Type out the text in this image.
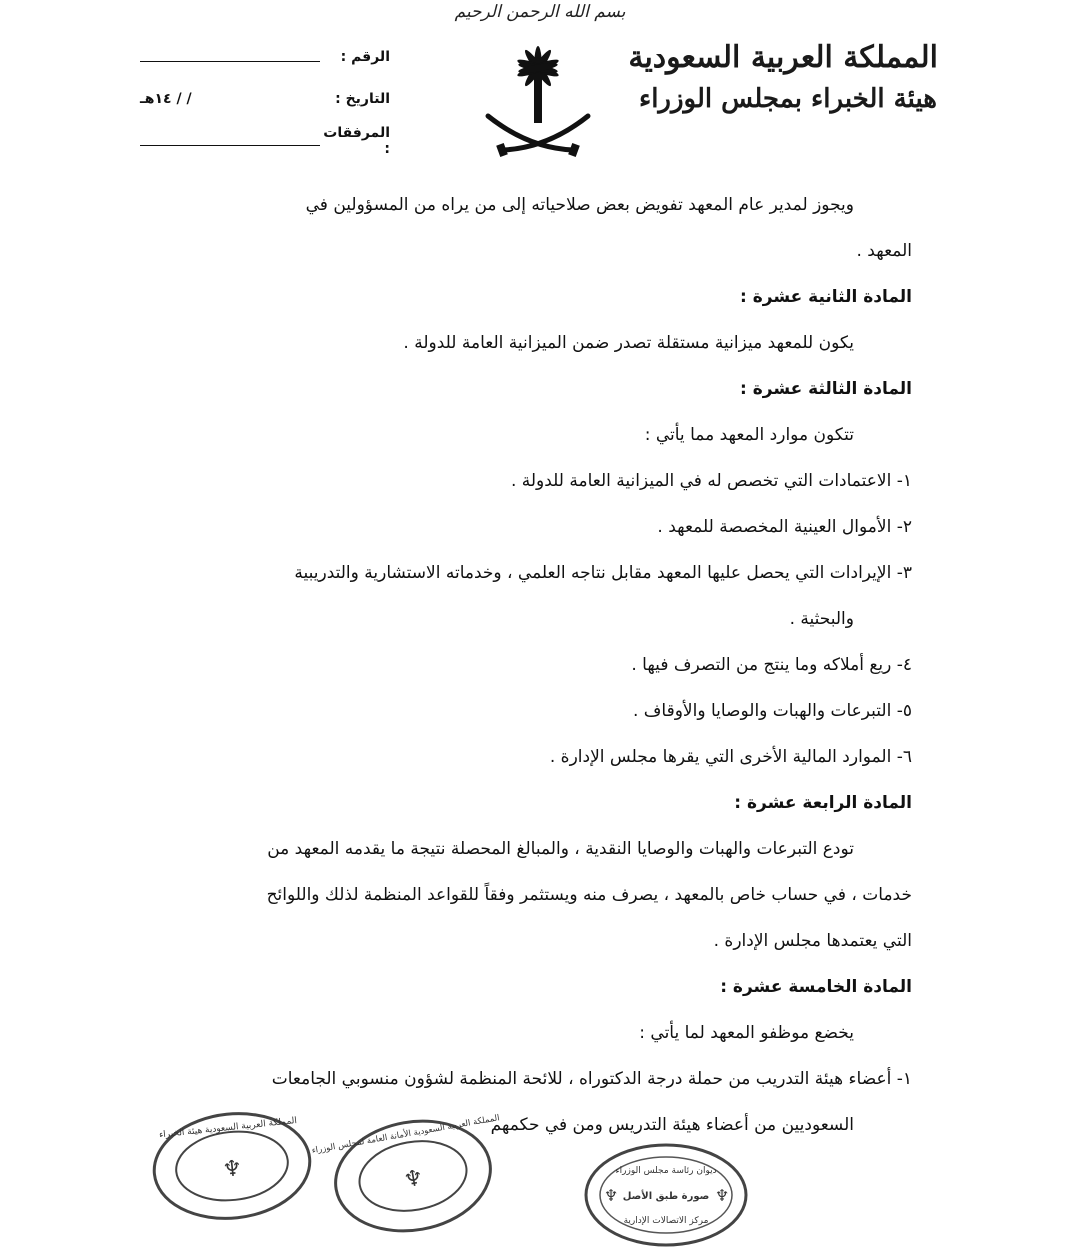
بسم الله الرحمن الرحيم
المملكة العربية السعودية
هيئة الخبراء بمجلس الوزراء
الرقم :
التاريخ :
/ / ١٤هـ
المرفقات :

ويجوز لمدير عام المعهد تفويض بعض صلاحياته إلى من يراه من المسؤولين في

المعهد .

المادة الثانية عشرة :

يكون للمعهد ميزانية مستقلة تصدر ضمن الميزانية العامة للدولة .

المادة الثالثة عشرة :

تتكون موارد المعهد مما يأتي :

١- الاعتمادات التي تخصص له في الميزانية العامة للدولة .

٢- الأموال العينية المخصصة للمعهد .

٣- الإيرادات التي يحصل عليها المعهد مقابل نتاجه العلمي ، وخدماته الاستشارية والتدريبية

والبحثية .

٤- ريع أملاكه وما ينتج من التصرف فيها .

٥- التبرعات والهبات والوصايا والأوقاف .

٦- الموارد المالية الأخرى التي يقرها مجلس الإدارة .

المادة الرابعة عشرة :

تودع التبرعات والهبات والوصايا النقدية ، والمبالغ المحصلة نتيجة ما يقدمه المعهد من

خدمات ، في حساب خاص بالمعهد ، يصرف منه ويستثمر وفقاً للقواعد المنظمة لذلك واللوائح

التي يعتمدها مجلس الإدارة .

المادة الخامسة عشرة :

يخضع موظفو المعهد لما يأتي :

١- أعضاء هيئة التدريب من حملة درجة الدكتوراه ، للائحة المنظمة لشؤون منسوبي الجامعات

السعوديين من أعضاء هيئة التدريس ومن في حكمهم

المملكة العربية السعودية هيئة الخبراء
♆
المملكة العربية السعودية الأمانة العامة لمجلس الوزراء
♆	ديوان رئاسة مجلس الوزراء
صورة طبق الأصل
مركز الاتصالات الإدارية
♆	♆
